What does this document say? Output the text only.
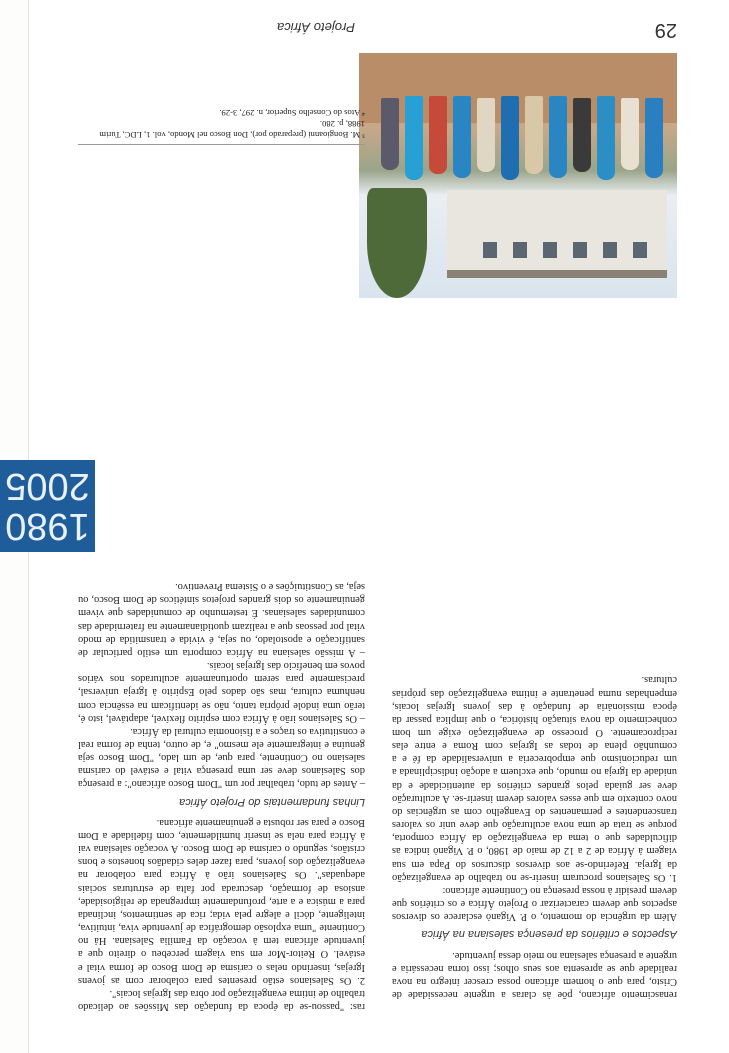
renascimento africano, põe às claras a urgente necessidade de Cristo, para que o homem africano possa crescer íntegro na nova realidade que se apresenta aos seus olhos; isso torna necessária e urgente a presença salesiana no meio dessa juventude.

Aspectos e critérios da presença salesiana na África

Além da urgência do momento, o P. Viganò esclarece os diversos aspectos que devem caracterizar o Projeto África e os critérios que devem presidir à nossa presença no Continente africano:

1. Os Salesianos procuram inserir-se no trabalho de evangelização da Igreja. Referindo-se aos diversos discursos do Papa em sua viagem à África de 2 a 12 de maio de 1980, o P. Viganò indica as dificuldades que o tema da evangelização da África comporta, porque se trata de uma nova aculturação que deve unir os valores transcendentes e permanentes do Evangelho com as urgências do novo contexto em que esses valores devem inserir-se. A aculturação deve ser guiada pelos grandes critérios da autenticidade e da unidade da Igreja no mundo, que excluem a adoção indisciplinada a um reducionismo que empobreceria a universalidade da fé e a comunhão plena de todas as Igrejas com Roma e entre elas reciprocamente. O processo de evangelização exige um bom conhecimento da nova situação histórica, o que implica passar da época missionária de fundação à das jovens Igrejas locais, empenhadas numa penetrante e íntima evangelização das próprias culturas.

ras: "passou-se da época da fundação das Missões ao delicado trabalho de íntima evangelização por obra das Igrejas locais".

2. Os Salesianos estão presentes para colaborar com as jovens Igrejas, inserindo nelas o carisma de Dom Bosco de forma vital e estável. O Reitor-Mor em sua viagem percebeu o direito que a juventude africana tem à vocação da Família Salesiana. Há no Continente "uma explosão demográfica de juventude viva, intuitiva, inteligente, dócil e alegre pela vida; rica de sentimentos, inclinada para a música e a arte, profundamente impregnada de religiosidade, ansiosa de formação, descurada por falta de estruturas sociais adequadas". Os Salesianos irão à África para colaborar na evangelização dos jovens, para fazer deles cidadãos honestos e bons cristãos, segundo o carisma de Dom Bosco. A vocação salesiana vai à África para nela se inserir humildemente, com fidelidade a Dom Bosco e para ser robusta e genuinamente africana.

Linhas fundamentais do Projeto África

– Antes de tudo, trabalhar por um "Dom Bosco africano": a presença dos Salesianos deve ser uma presença vital e estável do carisma salesiano no Continente, para que, de um lado, "Dom Bosco seja genuína e integramente ele mesmo" e, de outro, tenha de forma real e constitutiva os traços e a fisionomia cultural da África.

– Os Salesianos irão à África com espírito flexível, adaptável, isto é, terão uma índole própria tanto, não se identificam na essência com nenhuma cultura, mas são dados pelo Espírito à Igreja universal, precisamente para serem oportunamente aculturados nos vários povos em benefício das Igrejas locais.

– A missão salesiana na África comporta um estilo particular de santificação e apostolado, ou seja, é vivida e transmitida de modo vital por pessoas que a realizam quotidianamente na fraternidade das comunidades salesianas. É testemunho de comunidades que vivem genuinamente os dois grandes projetos sintéticos de Dom Bosco, ou seja, as Constituições e o Sistema Preventivo.

³ M. Bongioanni (preparado por), Don Bosco nel Mondo, vol. 1, LDC, Turim 1988, p. 280.
⁴ Atos do Conselho Superior, n. 297, 3-29.
Projeto África	29
1980
2005
